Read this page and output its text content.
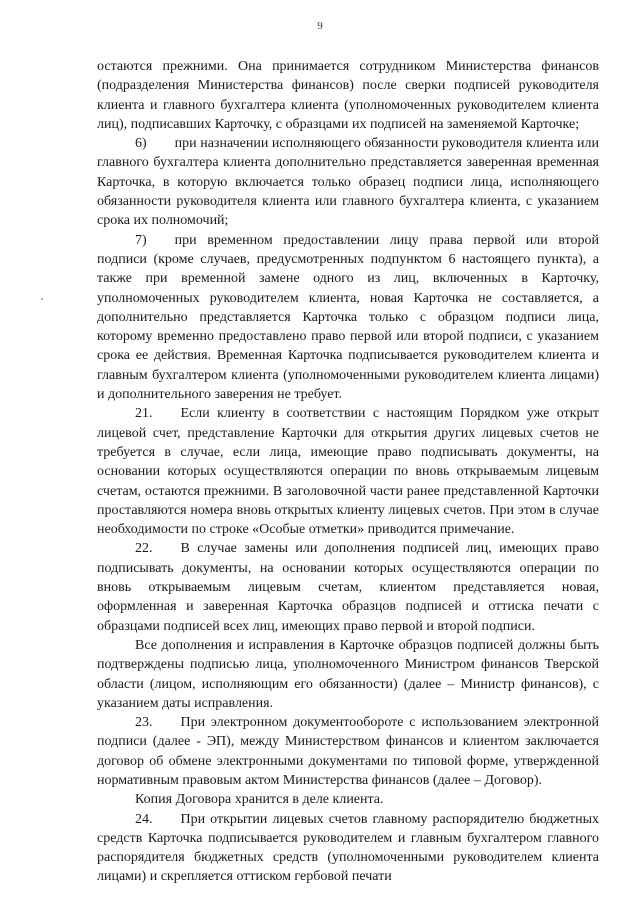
9

остаются прежними. Она принимается сотрудником Министерства финансов (подразделения Министерства финансов) после сверки подписей руководителя клиента и главного бухгалтера клиента (уполномоченных руководителем клиента лиц), подписавших Карточку, с образцами их подписей на заменяемой Карточке;

6)  при назначении исполняющего обязанности руководителя клиента или главного бухгалтера клиента дополнительно представляется заверенная временная Карточка, в которую включается только образец подписи лица, исполняющего обязанности руководителя клиента или главного бухгалтера клиента, с указанием срока их полномочий;

7)  при временном предоставлении лицу права первой или второй подписи (кроме случаев, предусмотренных подпунктом 6 настоящего пункта), а также при временной замене одного из лиц, включенных в Карточку, уполномоченных руководителем клиента, новая Карточка не составляется, а дополнительно представляется Карточка только с образцом подписи лица, которому временно предоставлено право первой или второй подписи, с указанием срока ее действия. Временная Карточка подписывается руководителем клиента и главным бухгалтером клиента (уполномоченными руководителем клиента лицами) и дополнительного заверения не требует.

21.  Если клиенту в соответствии с настоящим Порядком уже открыт лицевой счет, представление Карточки для открытия других лицевых счетов не требуется в случае, если лица, имеющие право подписывать документы, на основании которых осуществляются операции по вновь открываемым лицевым счетам, остаются прежними. В заголовочной части ранее представленной Карточки проставляются номера вновь открытых клиенту лицевых счетов. При этом в случае необходимости по строке «Особые отметки» приводится примечание.

22.  В случае замены или дополнения подписей лиц, имеющих право подписывать документы, на основании которых осуществляются операции по вновь открываемым лицевым счетам, клиентом представляется новая, оформленная и заверенная Карточка образцов подписей и оттиска печати с образцами подписей всех лиц, имеющих право первой и второй подписи.

Все дополнения и исправления в Карточке образцов подписей должны быть подтверждены подписью лица, уполномоченного Министром финансов Тверской области (лицом, исполняющим его обязанности) (далее – Министр финансов), с указанием даты исправления.

23.  При электронном документообороте с использованием электронной подписи (далее - ЭП), между Министерством финансов и клиентом заключается договор об обмене электронными документами по типовой форме, утвержденной нормативным правовым актом Министерства финансов (далее – Договор).

Копия Договора хранится в деле клиента.

24.  При открытии лицевых счетов главному распорядителю бюджетных средств Карточка подписывается руководителем и главным бухгалтером главного распорядителя бюджетных средств (уполномоченными руководителем клиента лицами) и скрепляется оттиском гербовой печати
